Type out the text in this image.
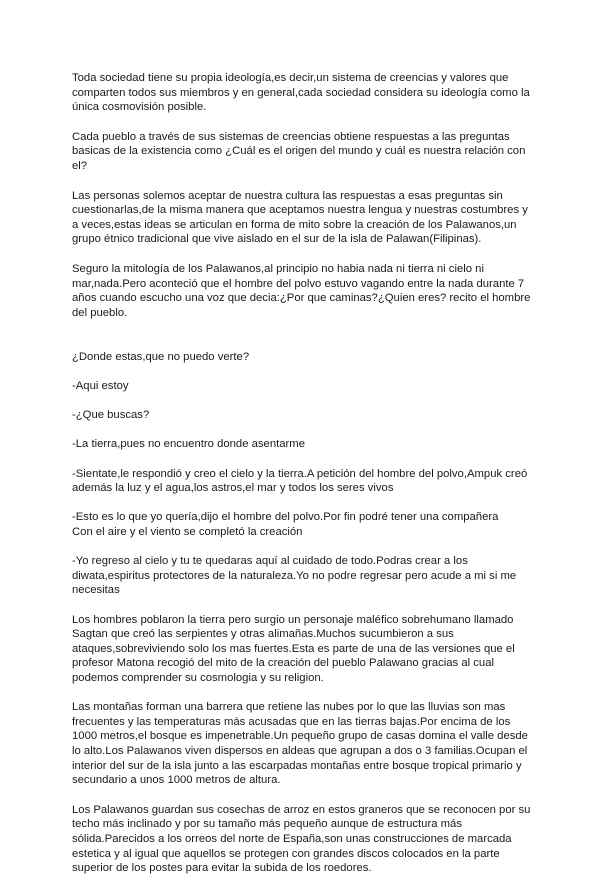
Toda sociedad tiene su propia ideología,es decir,un sistema de creencias y valores que
comparten todos sus miembros y en general,cada sociedad considera su ideología como la
única cosmovisión posible.

Cada pueblo a través de sus sistemas de creencias obtiene respuestas a las preguntas
basicas de la existencia como ¿Cuál es el origen del mundo y cuál es nuestra relación con
el?

Las personas solemos aceptar de nuestra cultura las respuestas a esas preguntas sin
cuestionarlas,de la misma manera que aceptamos nuestra lengua y nuestras costumbres y
a veces,estas ideas se articulan en forma de mito sobre la creación de los Palawanos,un
grupo étnico tradicional que vive aislado en el sur de la isla de Palawan(Filipinas).

Seguro la mitología de los Palawanos,al principio no habia nada ni tierra ni cielo ni
mar,nada.Pero aconteció que el hombre del polvo estuvo vagando entre la nada durante 7
años cuando escucho una voz que decia:¿Por que caminas?¿Quien eres? recito el hombre
del pueblo.

¿Donde estas,que no puedo verte?

-Aqui estoy

-¿Que buscas?

-La tierra,pues no encuentro donde asentarme

-Sientate,le respondió y creo el cielo y la tierra.A petición del hombre del polvo,Ampuk creó
además la luz y el agua,los astros,el mar y todos los seres vivos

-Esto es lo que yo quería,dijo el hombre del polvo.Por fin podré tener una compañera
Con el aire y el viento se completó la creación

-Yo regreso al cielo y tu te quedaras aquí al cuidado de todo.Podras crear a los
diwata,espiritus protectores de la naturaleza.Yo no podre regresar pero acude a mi si me
necesitas

Los hombres poblaron la tierra pero surgio un personaje maléfico sobrehumano llamado
Sagtan que creó las serpientes y otras alimañas.Muchos sucumbieron a sus
ataques,sobreviviendo solo los mas fuertes.Esta es parte de una de las versiones que el
profesor Matona recogió del mito de la creación del pueblo Palawano gracias al cual
podemos comprender su cosmologia y su religion.

Las montañas forman una barrera que retiene las nubes por lo que las lluvias son mas
frecuentes y las temperaturas más acusadas que en las tierras bajas.Por encima de los
1000 metros,el bosque es impenetrable.Un pequeño grupo de casas domina el valle desde
lo alto.Los Palawanos viven dispersos en aldeas que agrupan a dos o 3 familias.Ocupan el
interior del sur de la isla junto a las escarpadas montañas entre bosque tropical primario y
secundario a unos 1000 metros de altura.

Los Palawanos guardan sus cosechas de arroz en estos graneros que se reconocen por su
techo más inclinado y por su tamaño más pequeño aunque de estructura más
sólida.Parecidos a los orreos del norte de España,son unas construcciones de marcada
estetica y al igual que aquellos se protegen con grandes discos colocados en la parte
superior de los postes para evitar la subida de los roedores.
